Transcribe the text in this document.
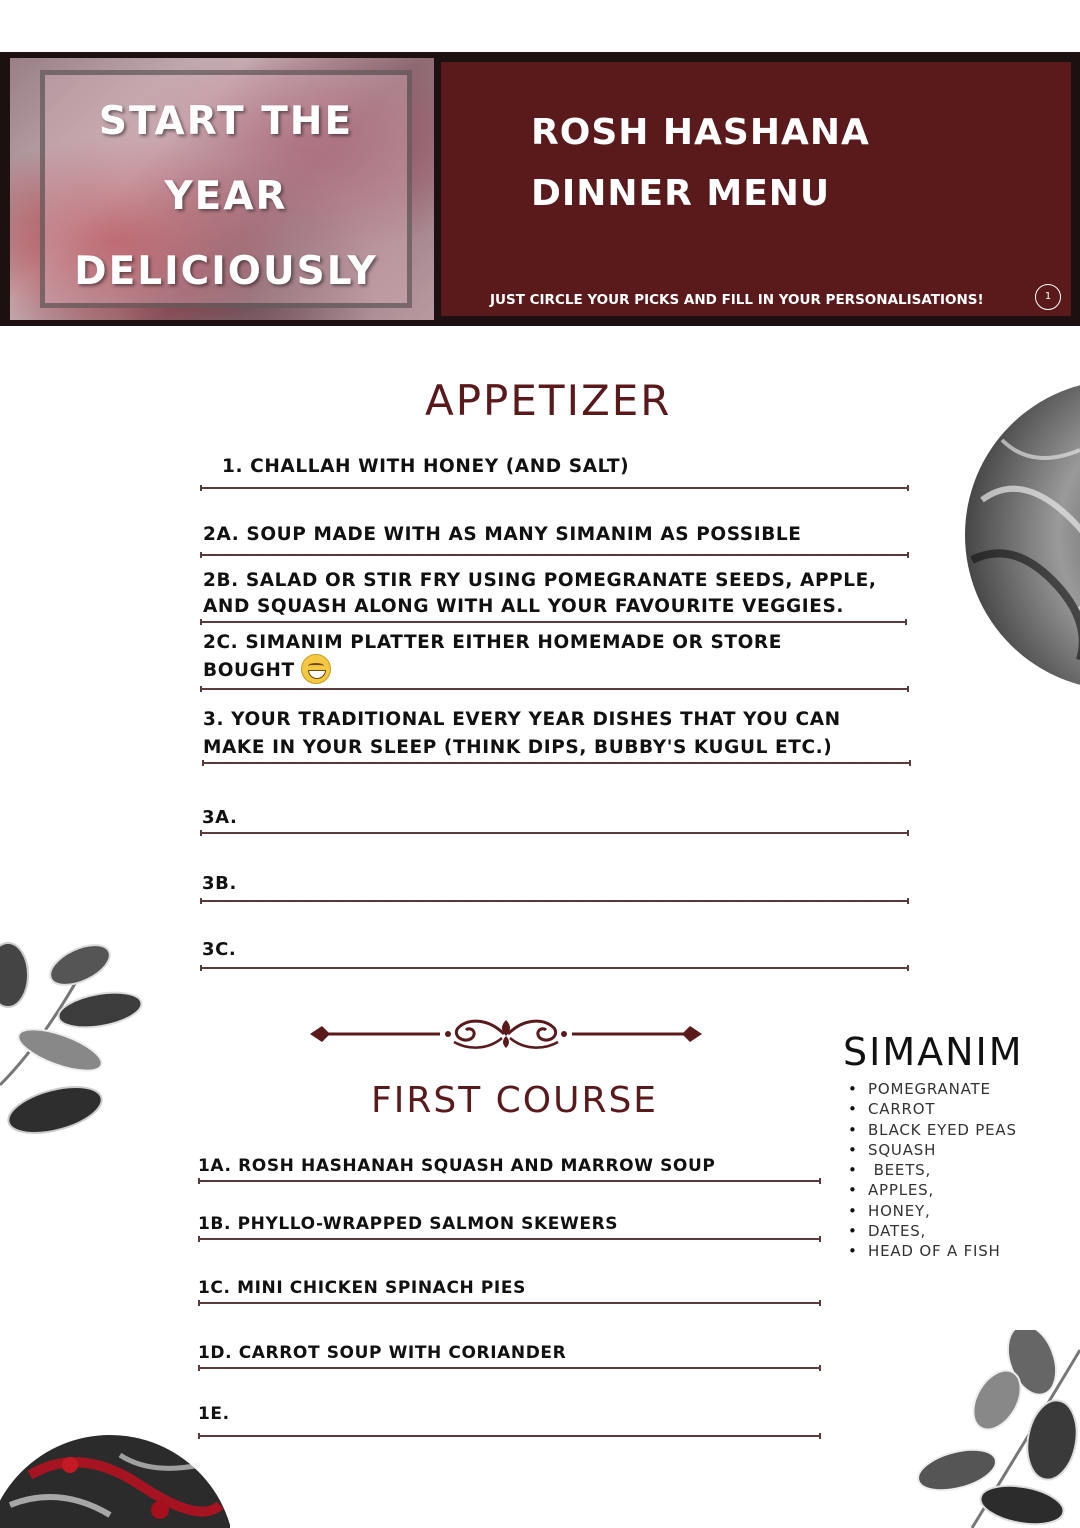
START THE
YEAR
DELICIOUSLY
ROSH HASHANA
DINNER MENU
JUST CIRCLE YOUR PICKS AND FILL IN YOUR PERSONALISATIONS!	1
APPETIZER
1. CHALLAH WITH HONEY (AND SALT)
2A. SOUP MADE WITH AS MANY SIMANIM AS POSSIBLE
2B. SALAD OR STIR FRY USING POMEGRANATE SEEDS, APPLE,
AND SQUASH ALONG WITH ALL YOUR FAVOURITE VEGGIES.
2C. SIMANIM PLATTER EITHER HOMEMADE OR STORE
BOUGHT
3. YOUR TRADITIONAL EVERY YEAR DISHES THAT YOU CAN
MAKE IN YOUR SLEEP (THINK DIPS, BUBBY'S KUGUL ETC.)
3A.
3B.
3C.
FIRST COURSE
1A. ROSH HASHANAH SQUASH AND MARROW SOUP
1B. PHYLLO-WRAPPED SALMON SKEWERS
1C. MINI CHICKEN SPINACH PIES
1D. CARROT SOUP WITH CORIANDER
1E.
SIMANIM
• POMEGRANATE
• CARROT
• BLACK EYED PEAS
• SQUASH
•  BEETS,
• APPLES,
• HONEY,
• DATES,
• HEAD OF A FISH
